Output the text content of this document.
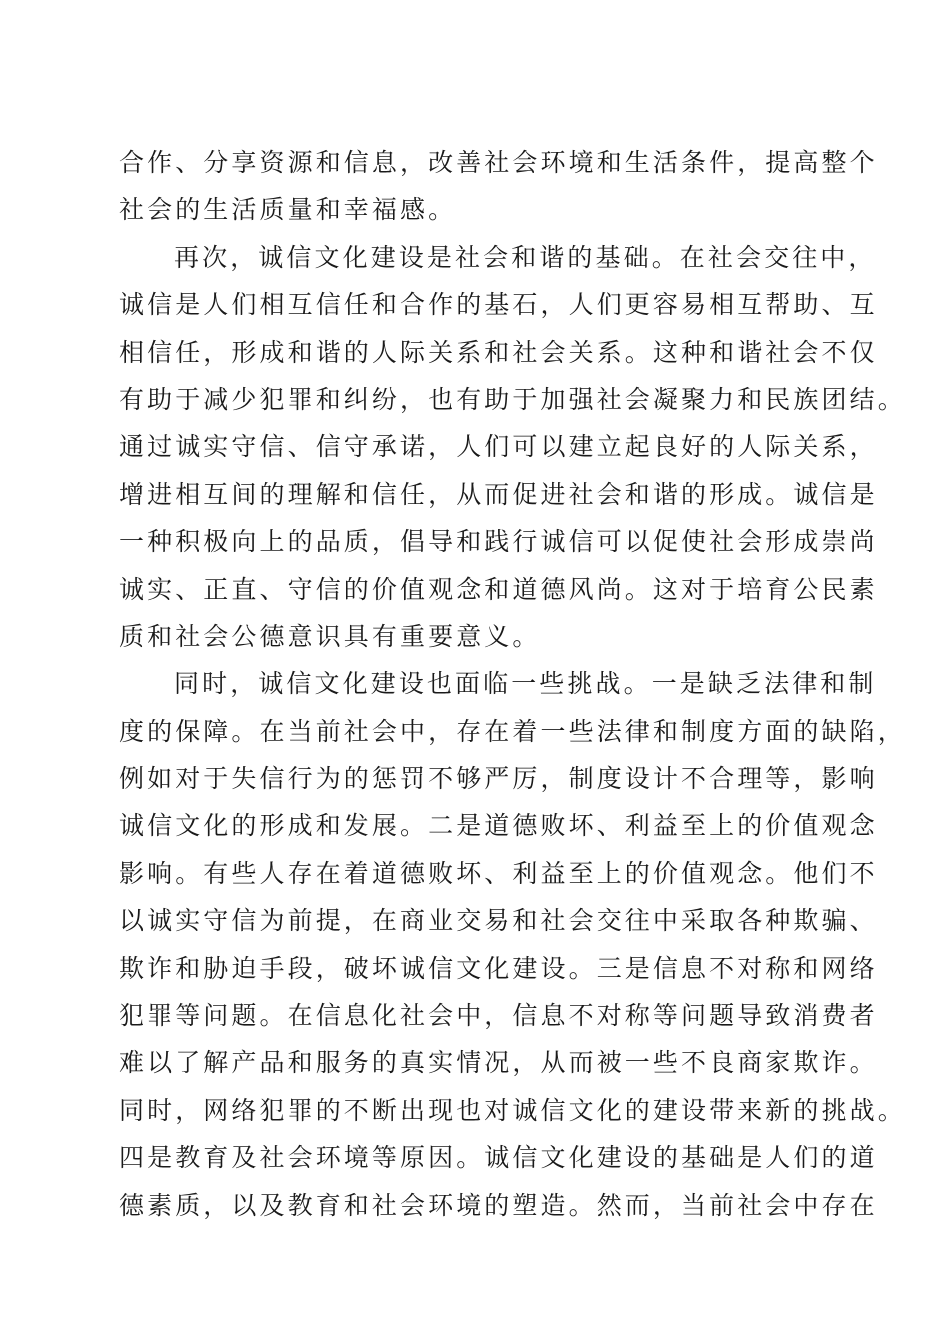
合作、分享资源和信息，改善社会环境和生活条件，提高整个
社会的生活质量和幸福感。
再次，诚信文化建设是社会和谐的基础。在社会交往中，
诚信是人们相互信任和合作的基石，人们更容易相互帮助、互
相信任，形成和谐的人际关系和社会关系。这种和谐社会不仅
有助于减少犯罪和纠纷，也有助于加强社会凝聚力和民族团结。
通过诚实守信、信守承诺，人们可以建立起良好的人际关系，
增进相互间的理解和信任，从而促进社会和谐的形成。诚信是
一种积极向上的品质，倡导和践行诚信可以促使社会形成崇尚
诚实、正直、守信的价值观念和道德风尚。这对于培育公民素
质和社会公德意识具有重要意义。
同时，诚信文化建设也面临一些挑战。一是缺乏法律和制
度的保障。在当前社会中，存在着一些法律和制度方面的缺陷，
例如对于失信行为的惩罚不够严厉，制度设计不合理等，影响
诚信文化的形成和发展。二是道德败坏、利益至上的价值观念
影响。有些人存在着道德败坏、利益至上的价值观念。他们不
以诚实守信为前提，在商业交易和社会交往中采取各种欺骗、
欺诈和胁迫手段，破坏诚信文化建设。三是信息不对称和网络
犯罪等问题。在信息化社会中，信息不对称等问题导致消费者
难以了解产品和服务的真实情况，从而被一些不良商家欺诈。
同时，网络犯罪的不断出现也对诚信文化的建设带来新的挑战。
四是教育及社会环境等原因。诚信文化建设的基础是人们的道
德素质，以及教育和社会环境的塑造。然而，当前社会中存在
